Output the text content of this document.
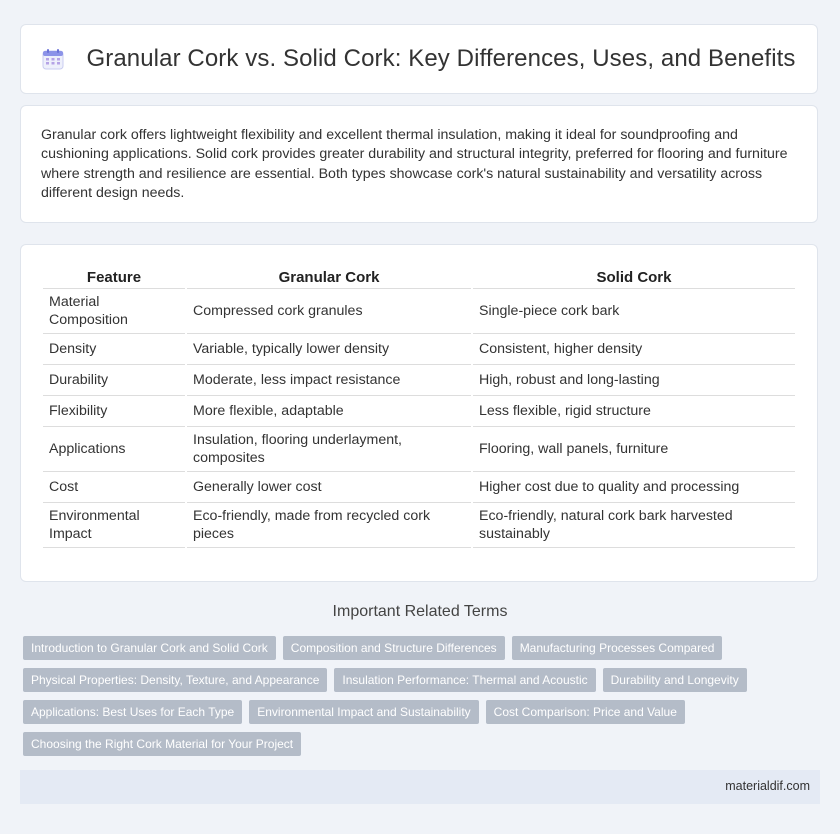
Granular Cork vs. Solid Cork: Key Differences, Uses, and Benefits

Granular cork offers lightweight flexibility and excellent thermal insulation, making it ideal for soundproofing and cushioning applications. Solid cork provides greater durability and structural integrity, preferred for flooring and furniture where strength and resilience are essential. Both types showcase cork's natural sustainability and versatility across different design needs.

Feature	Granular Cork	Solid Cork
Material Composition	Compressed cork granules	Single-piece cork bark
Density	Variable, typically lower density	Consistent, higher density
Durability	Moderate, less impact resistance	High, robust and long-lasting
Flexibility	More flexible, adaptable	Less flexible, rigid structure
Applications	Insulation, flooring underlayment, composites	Flooring, wall panels, furniture
Cost	Generally lower cost	Higher cost due to quality and processing
Environmental Impact	Eco-friendly, made from recycled cork pieces	Eco-friendly, natural cork bark harvested sustainably
Important Related Terms
Introduction to Granular Cork and Solid Cork	Composition and Structure Differences	Manufacturing Processes Compared
Physical Properties: Density, Texture, and Appearance	Insulation Performance: Thermal and Acoustic	Durability and Longevity
Applications: Best Uses for Each Type	Environmental Impact and Sustainability	Cost Comparison: Price and Value
Choosing the Right Cork Material for Your Project
materialdif.com
